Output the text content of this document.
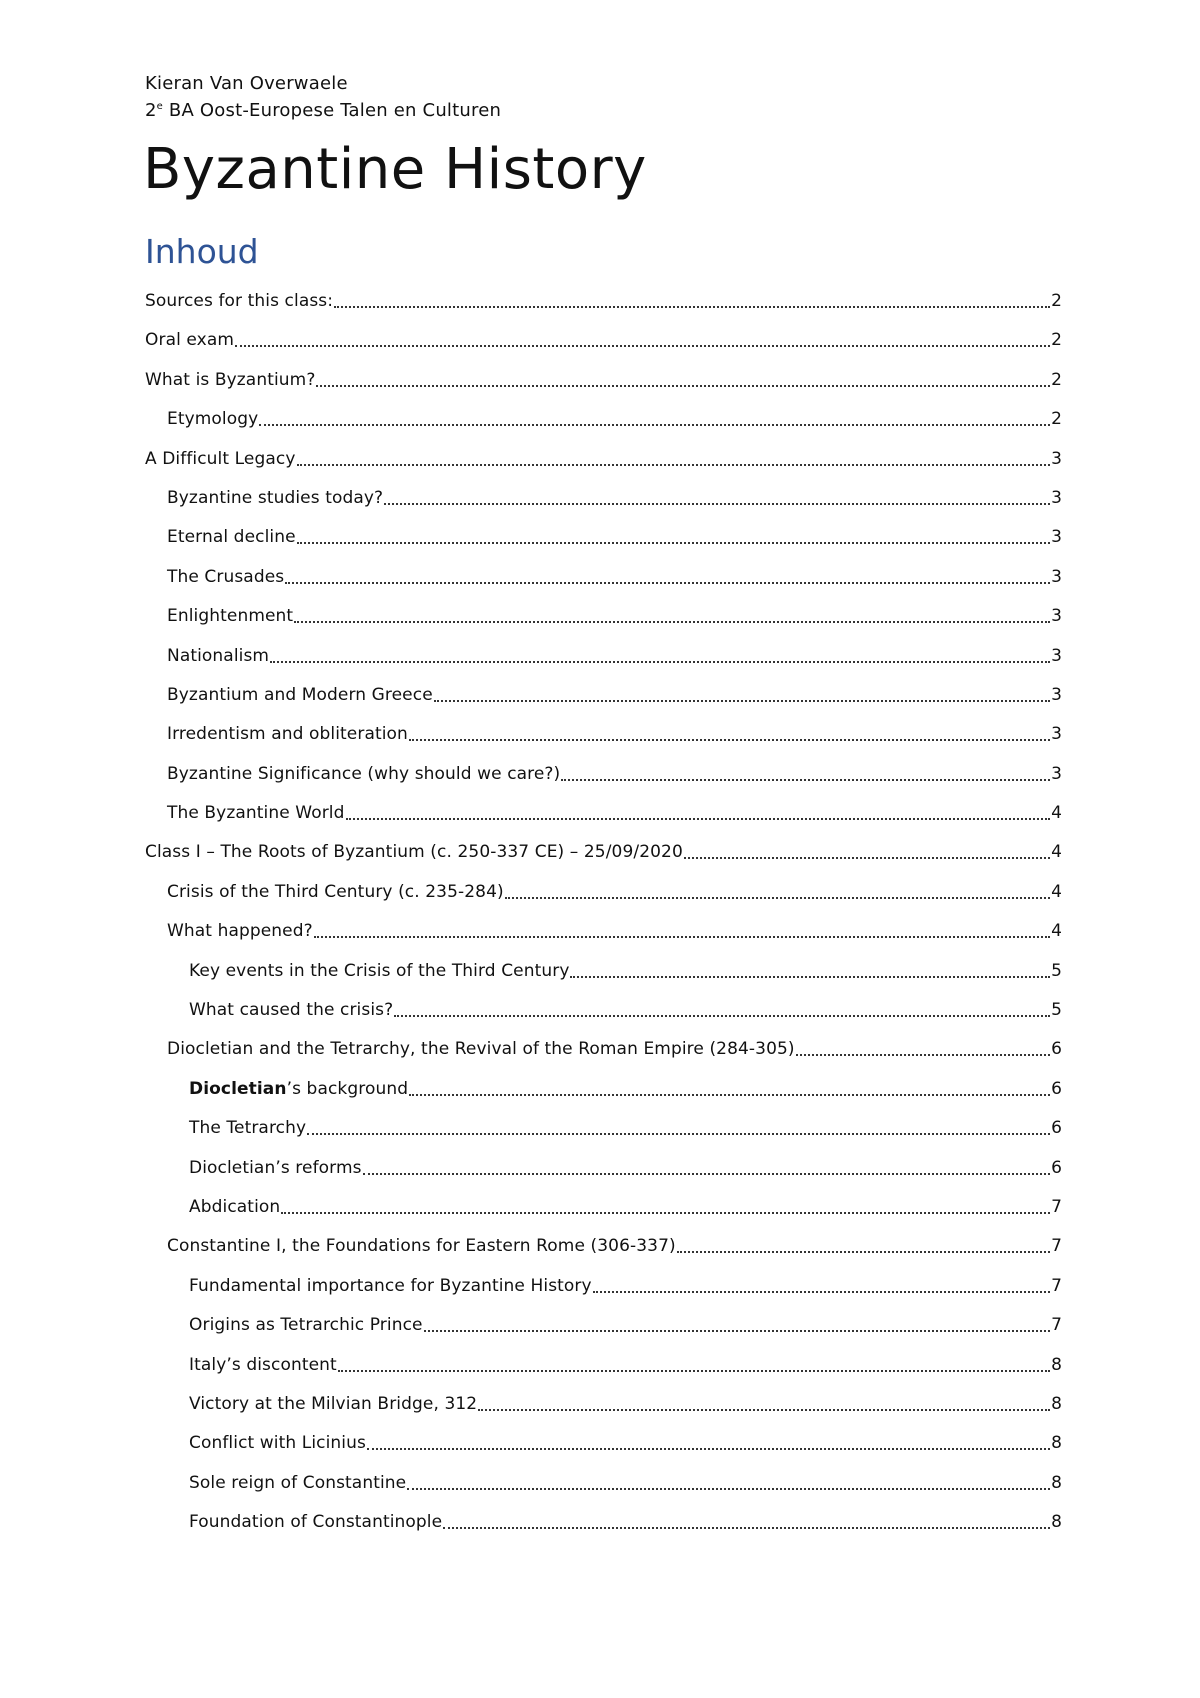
Kieran Van Overwaele
2e BA Oost-Europese Talen en Culturen
Byzantine History
Inhoud
Sources for this class:	2
Oral exam	2
What is Byzantium?	2
Etymology	2
A Difficult Legacy	3
Byzantine studies today?	3
Eternal decline	3
The Crusades	3
Enlightenment	3
Nationalism	3
Byzantium and Modern Greece	3
Irredentism and obliteration	3
Byzantine Significance (why should we care?)	3
The Byzantine World	4
Class I – The Roots of Byzantium (c. 250-337 CE) – 25/09/2020	4
Crisis of the Third Century (c. 235-284)	4
What happened?	4
Key events in the Crisis of the Third Century	5
What caused the crisis?	5
Diocletian and the Tetrarchy, the Revival of the Roman Empire (284-305)	6
Diocletian’s background	6
The Tetrarchy	6
Diocletian’s reforms	6
Abdication	7
Constantine I, the Foundations for Eastern Rome (306-337)	7
Fundamental importance for Byzantine History	7
Origins as Tetrarchic Prince	7
Italy’s discontent	8
Victory at the Milvian Bridge, 312	8
Conflict with Licinius	8
Sole reign of Constantine	8
Foundation of Constantinople	8
